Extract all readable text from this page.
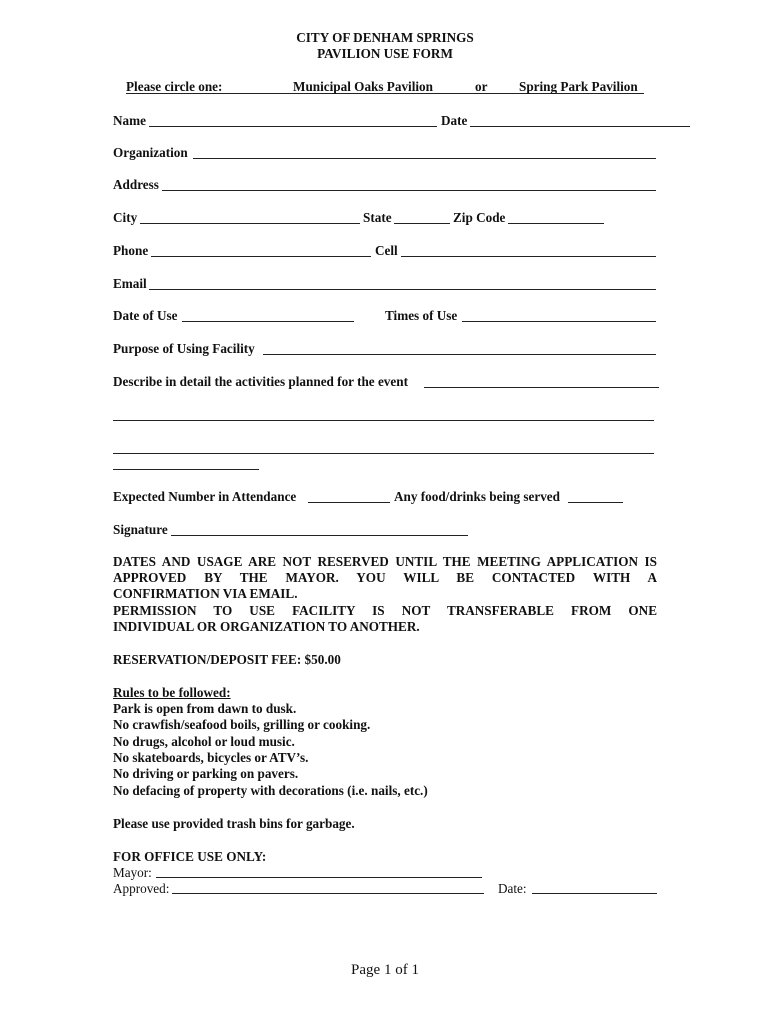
CITY OF DENHAM SPRINGS
PAVILION USE FORM
Please circle one:	Municipal Oaks Pavilion	or Spring Park Pavilion
Name	Date
Organization
Address
City	State	Zip Code
Phone	Cell
Email
Date of Use	Times of Use
Purpose of Using Facility
Describe in detail the activities planned for the event
Expected Number in Attendance	Any food/drinks being served
Signature
DATES AND USAGE ARE NOT RESERVED UNTIL THE MEETING APPLICATION IS
APPROVED BY THE MAYOR. YOU WILL BE CONTACTED WITH A
CONFIRMATION VIA EMAIL.
PERMISSION TO USE FACILITY IS NOT TRANSFERABLE FROM ONE
INDIVIDUAL OR ORGANIZATION TO ANOTHER.
RESERVATION/DEPOSIT FEE: $50.00
Rules to be followed:
Park is open from dawn to dusk.
No crawfish/seafood boils, grilling or cooking.
No drugs, alcohol or loud music.
No skateboards, bicycles or ATV’s.
No driving or parking on pavers.
No defacing of property with decorations (i.e. nails, etc.)
Please use provided trash bins for garbage.
FOR OFFICE USE ONLY:
Mayor:
Approved:	Date:
Page 1 of 1
